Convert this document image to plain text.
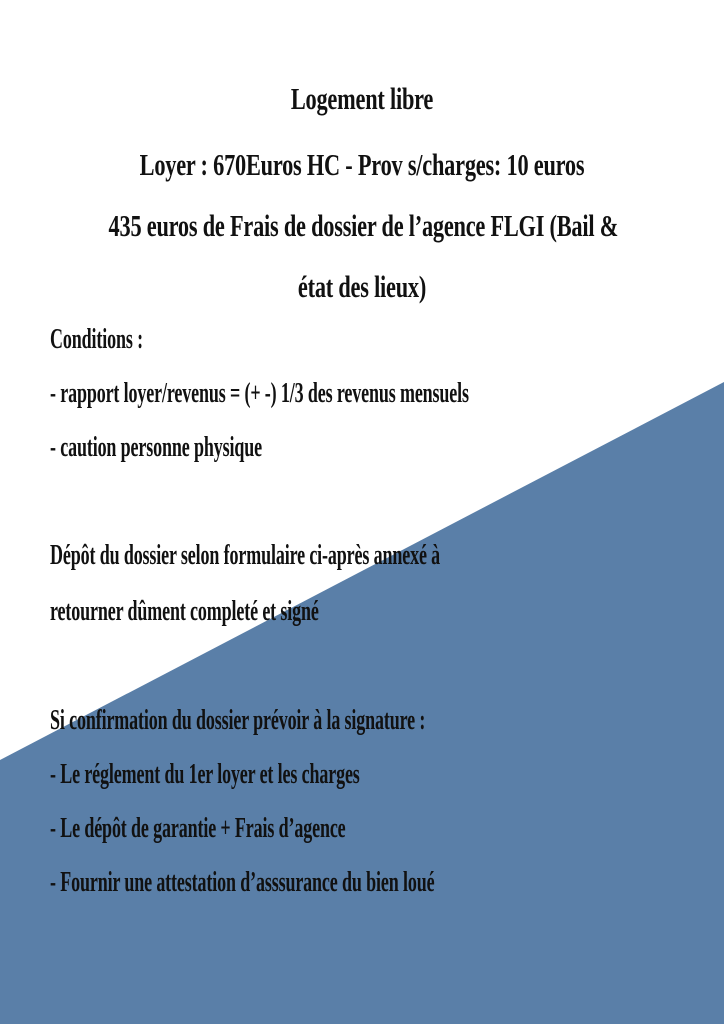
Logement libre
Loyer : 670Euros HC - Prov s/charges: 10 euros
435 euros de Frais de dossier de l’agence FLGI (Bail &
état des lieux)
Conditions :
- rapport loyer/revenus = (+ -) 1/3 des revenus mensuels
- caution personne physique
Dépôt du dossier selon formulaire ci-après annexé à
retourner dûment completé et signé
Si confirmation du dossier prévoir à la signature :
- Le réglement du 1er loyer et les charges
- Le dépôt de garantie + Frais d’agence
- Fournir une attestation d’asssurance du bien loué
